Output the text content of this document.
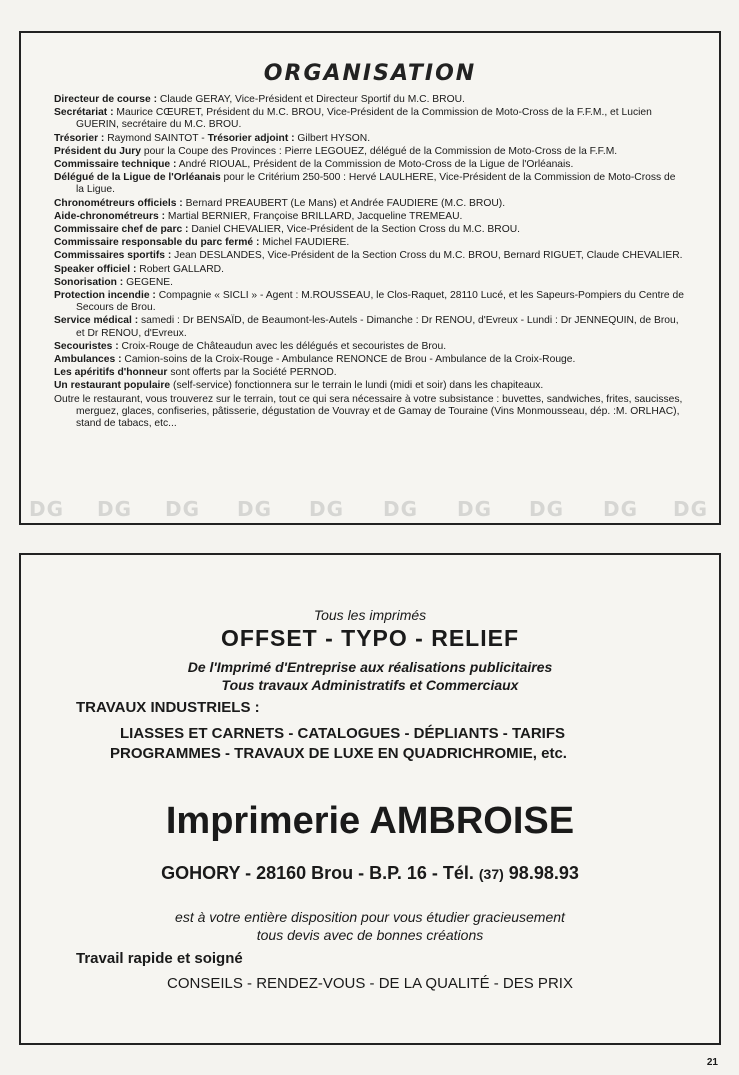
ORGANISATION

Directeur de course : Claude GERAY, Vice-Président et Directeur Sportif du M.C. BROU.

Secrétariat : Maurice CŒURET, Président du M.C. BROU, Vice-Président de la Commission de Moto-Cross de la F.F.M., et Lucien GUERIN, secrétaire du M.C. BROU.

Trésorier : Raymond SAINTOT - Trésorier adjoint : Gilbert HYSON.

Président du Jury pour la Coupe des Provinces : Pierre LEGOUEZ, délégué de la Commission de Moto-Cross de la F.F.M.

Commissaire technique : André RIOUAL, Président de la Commission de Moto-Cross de la Ligue de l'Orléanais.

Délégué de la Ligue de l'Orléanais pour le Critérium 250-500 : Hervé LAULHERE, Vice-Président de la Commission de Moto-Cross de la Ligue.

Chronométreurs officiels : Bernard PREAUBERT (Le Mans) et Andrée FAUDIERE (M.C. BROU).

Aide-chronométreurs : Martial BERNIER, Françoise BRILLARD, Jacqueline TREMEAU.

Commissaire chef de parc : Daniel CHEVALIER, Vice-Président de la Section Cross du M.C. BROU.

Commissaire responsable du parc fermé : Michel FAUDIERE.

Commissaires sportifs : Jean DESLANDES, Vice-Président de la Section Cross du M.C. BROU, Bernard RIGUET, Claude CHEVALIER.

Speaker officiel : Robert GALLARD.

Sonorisation : GEGENE.

Protection incendie : Compagnie « SICLI » - Agent : M.ROUSSEAU, le Clos-Raquet, 28110 Lucé, et les Sapeurs-Pompiers du Centre de Secours de Brou.

Service médical : samedi : Dr BENSAÏD, de Beaumont-les-Autels - Dimanche : Dr RENOU, d'Evreux - Lundi : Dr JENNEQUIN, de Brou, et Dr RENOU, d'Evreux.

Secouristes : Croix-Rouge de Châteaudun avec les délégués et secouristes de Brou.

Ambulances : Camion-soins de la Croix-Rouge - Ambulance RENONCE de Brou - Ambulance de la Croix-Rouge.

Les apéritifs d'honneur sont offerts par la Société PERNOD.

Un restaurant populaire (self-service) fonctionnera sur le terrain le lundi (midi et soir) dans les chapiteaux.

Outre le restaurant, vous trouverez sur le terrain, tout ce qui sera nécessaire à votre subsistance : buvettes, sandwiches, frites, saucisses, merguez, glaces, confiseries, pâtisserie, dégustation de Vouvray et de Gamay de Touraine (Vins Monmousseau, dép. :M. ORLHAC), stand de tabacs, etc...

DG DG DG DG DG DG DG DG DG DG
Tous les imprimés
OFFSET - TYPO - RELIEF
De l'Imprimé d'Entreprise aux réalisations publicitaires
Tous travaux Administratifs et Commerciaux
TRAVAUX INDUSTRIELS :
LIASSES ET CARNETS - CATALOGUES - DÉPLIANTS - TARIFS
PROGRAMMES - TRAVAUX DE LUXE EN QUADRICHROMIE, etc.
Imprimerie AMBROISE
GOHORY - 28160 Brou - B.P. 16 - Tél. (37) 98.98.93
est à votre entière disposition pour vous étudier gracieusement
tous devis avec de bonnes créations
Travail rapide et soigné
CONSEILS - RENDEZ-VOUS - DE LA QUALITÉ - DES PRIX
21
